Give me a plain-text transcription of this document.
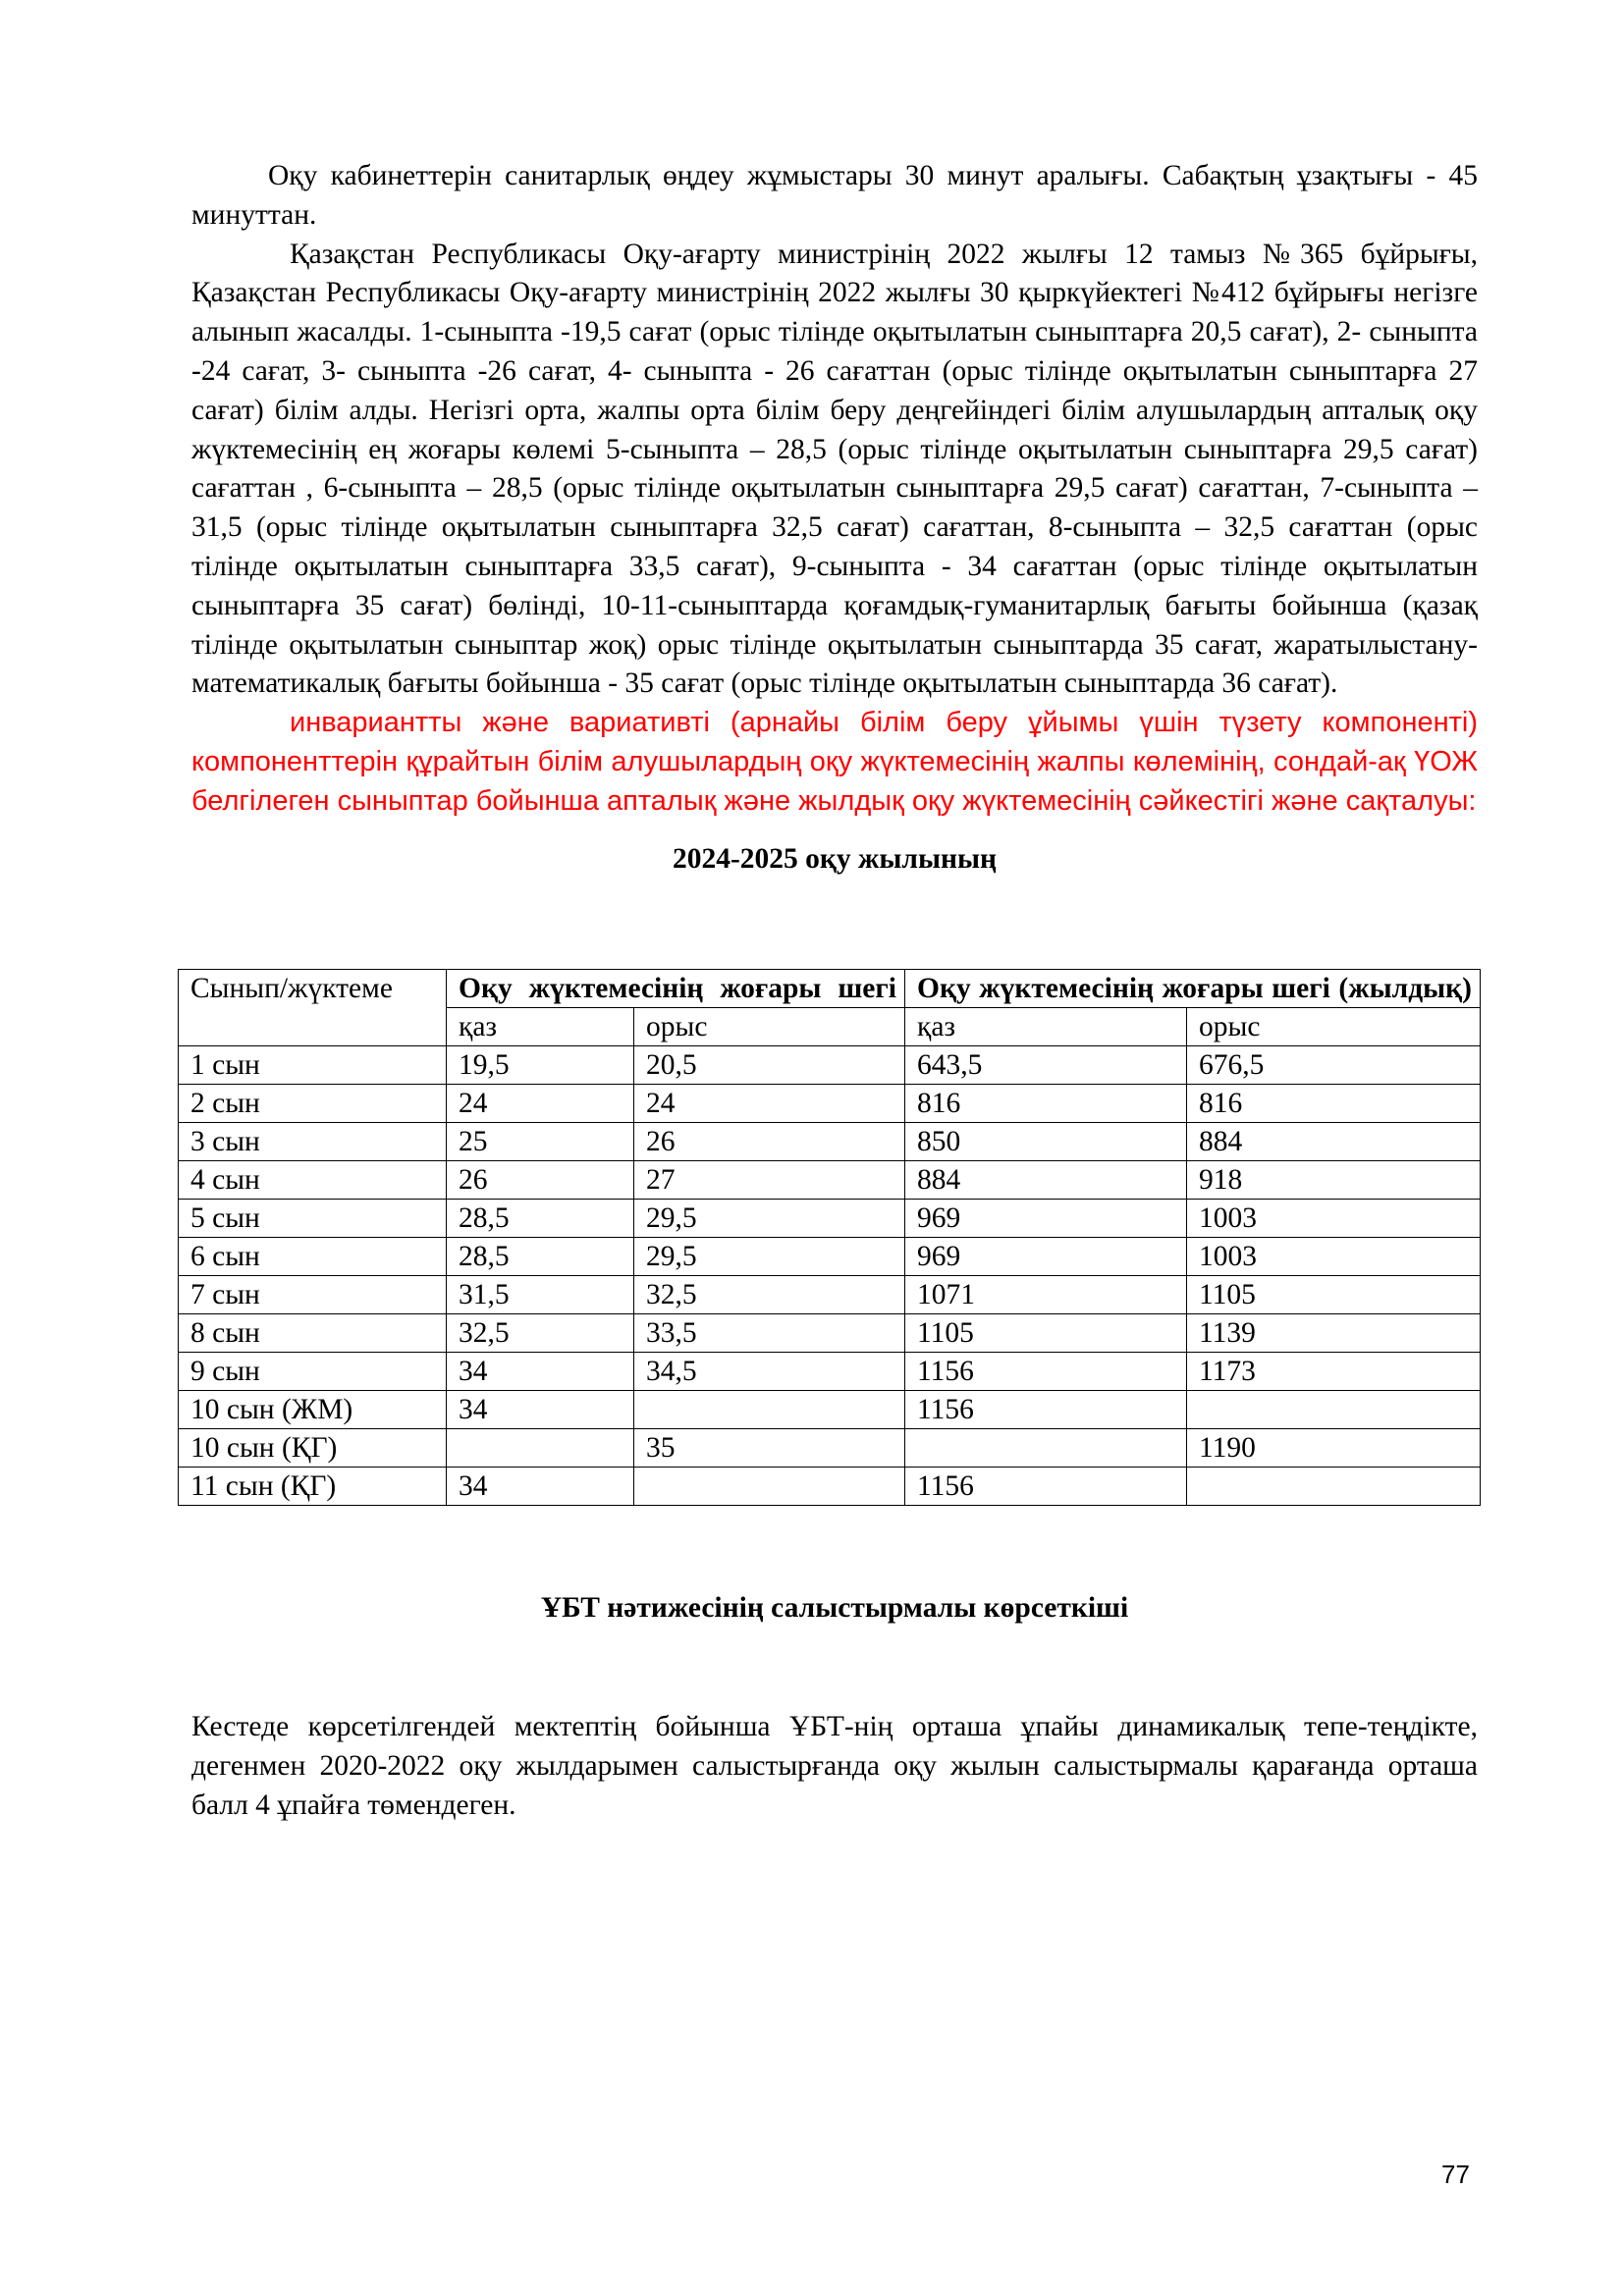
Оқу кабинеттерін санитарлық өңдеу жұмыстары 30 минут аралығы. Сабақтың ұзақтығы - 45 минуттан.

Қазақстан Республикасы Оқу-ағарту министрінің 2022 жылғы 12 тамыз №365 бұйрығы, Қазақстан Республикасы Оқу-ағарту министрінің 2022 жылғы 30 қыркүйектегі №412 бұйрығы негізге алынып жасалды. 1-сыныпта -19,5 сағат (орыс тілінде оқытылатын сыныптарға 20,5 сағат), 2- сыныпта -24 сағат, 3- сыныпта -26 сағат, 4- сыныпта - 26 сағаттан (орыс тілінде оқытылатын сыныптарға 27 сағат) білім алды. Негізгі орта, жалпы орта білім беру деңгейіндегі білім алушылардың апталық оқу жүктемесінің ең жоғары көлемі 5-сыныпта – 28,5 (орыс тілінде оқытылатын сыныптарға 29,5 сағат) сағаттан , 6-сыныпта – 28,5 (орыс тілінде оқытылатын сыныптарға 29,5 сағат) сағаттан, 7-сыныпта – 31,5 (орыс тілінде оқытылатын сыныптарға 32,5 сағат) сағаттан, 8-сыныпта – 32,5 сағаттан (орыс тілінде оқытылатын сыныптарға 33,5 сағат), 9-сыныпта - 34 сағаттан (орыс тілінде оқытылатын сыныптарға 35 сағат) бөлінді, 10-11-сыныптарда қоғамдық-гуманитарлық бағыты бойынша (қазақ тілінде оқытылатын сыныптар жоқ) орыс тілінде оқытылатын сыныптарда 35 сағат, жаратылыстану-математикалық бағыты бойынша - 35 сағат (орыс тілінде оқытылатын сыныптарда 36 сағат).

инвариантты және вариативті (арнайы білім беру ұйымы үшін түзету компоненті) компоненттерін құрайтын білім алушылардың оқу жүктемесінің жалпы көлемінің, сондай-ақ ҮОЖ белгілеген сыныптар бойынша апталық және жылдық оқу жүктемесінің сәйкестігі және сақталуы:

2024-2025 оқу жылының
Сынып/жүктеме	Оқу жүктемесінің жоғары шегі		Оқу жүктемесінің жоғары шегі (жылдық)	
	қаз	орыс	қаз	орыс
1 сын	19,5	20,5	643,5	676,5
2 сын	24	24	816	816
3 сын	25	26	850	884
4 сын	26	27	884	918
5 сын	28,5	29,5	969	1003
6 сын	28,5	29,5	969	1003
7 сын	31,5	32,5	1071	1105
8 сын	32,5	33,5	1105	1139
9 сын	34	34,5	1156	1173
10 сын (ЖМ)	34		1156	
10 сын (ҚГ)		35		1190
11 сын (ҚГ)	34		1156	
ҰБТ нәтижесінің салыстырмалы көрсеткіші

Кестеде көрсетілгендей мектептің бойынша ҰБТ-нің орташа ұпайы динамикалық тепе-теңдікте, дегенмен 2020-2022 оқу жылдарымен салыстырғанда оқу жылын салыстырмалы қарағанда орташа балл 4 ұпайға төмендеген.

77
